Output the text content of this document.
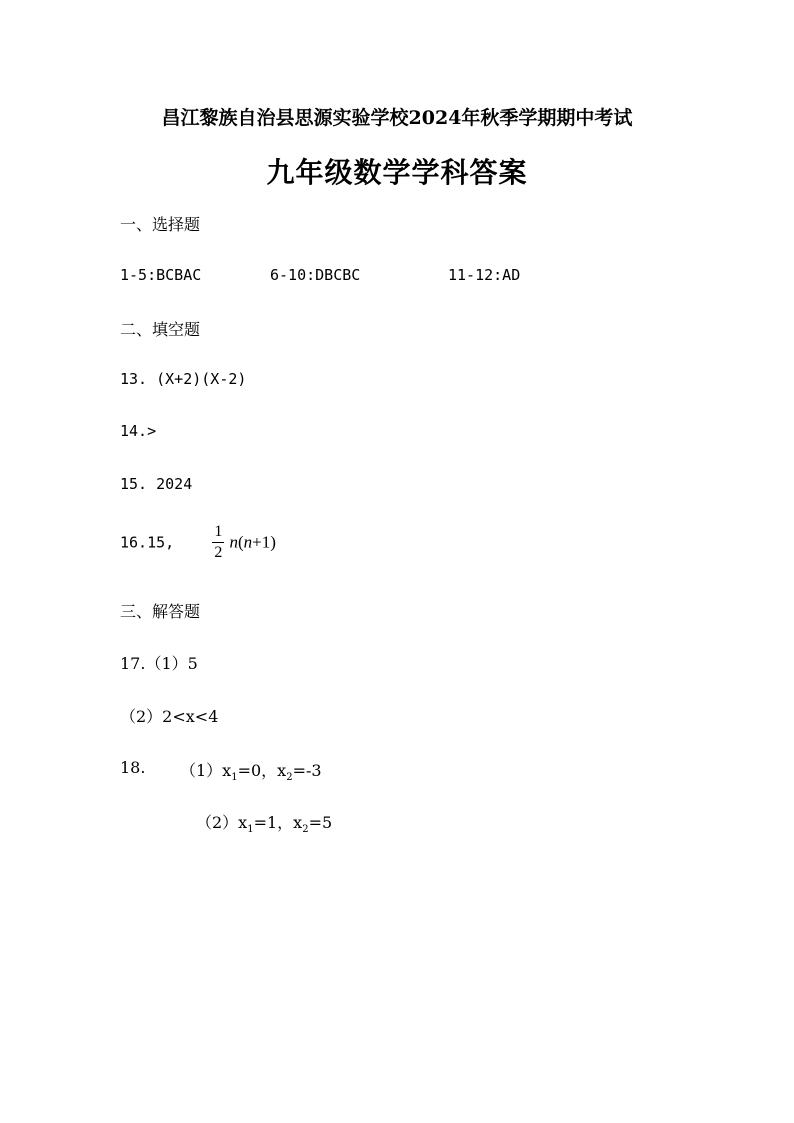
昌江黎族自治县思源实验学校2024年秋季学期期中考试
九年级数学学科答案
一、选择题
1-5:BCBAC	6-10:DBCBC	11-12:AD
二、填空题
13. (X+2)(X-2)
14.>
15. 2024
16.15, $\frac{1}{2} n(n+1)$
三、解答题
17.（1）5
（2）2<x<4
18. $(1)x_1=0$，$x_2=-3$
$(2)x_1=1$，$x_2=5$
